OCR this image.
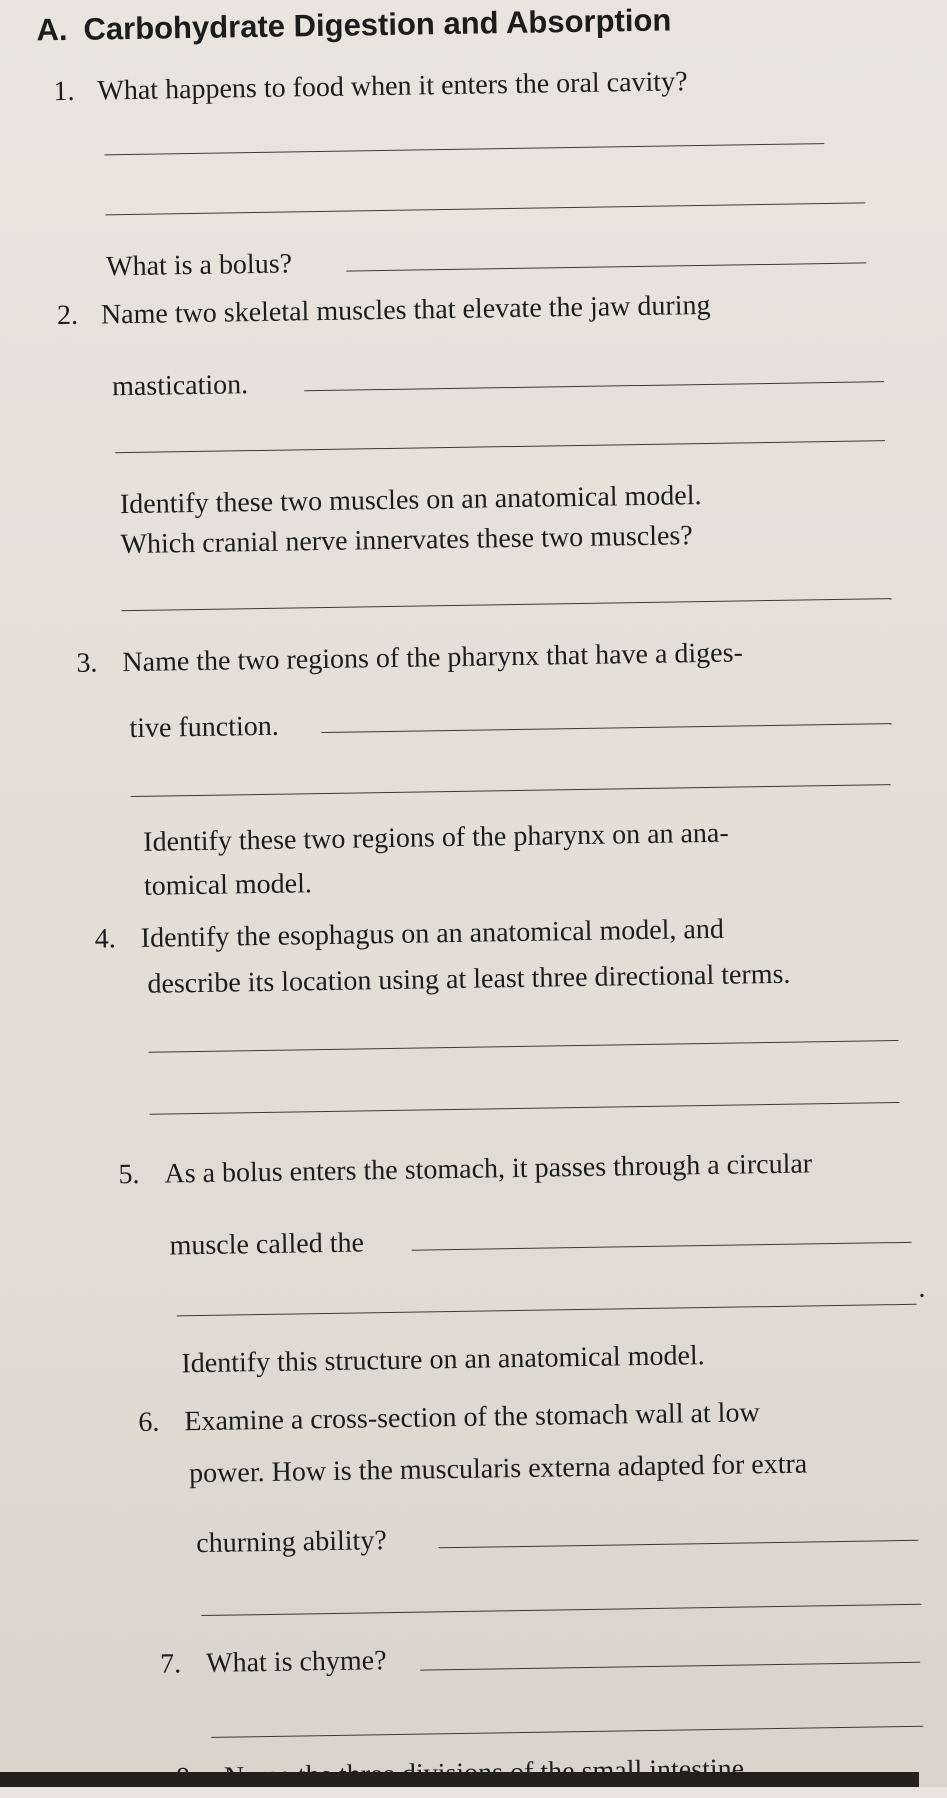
A. Carbohydrate Digestion and Absorption
1. What happens to food when it enters the oral cavity?
What is a bolus?
2. Name two skeletal muscles that elevate the jaw during
mastication.
Identify these two muscles on an anatomical model.
Which cranial nerve innervates these two muscles?
3. Name the two regions of the pharynx that have a diges-
tive function.
Identify these two regions of the pharynx on an ana-
tomical model.
4. Identify the esophagus on an anatomical model, and
describe its location using at least three directional terms.
5. As a bolus enters the stomach, it passes through a circular
muscle called the
.
Identify this structure on an anatomical model.
6. Examine a cross-section of the stomach wall at low
power. How is the muscularis externa adapted for extra
churning ability?
7. What is chyme?
